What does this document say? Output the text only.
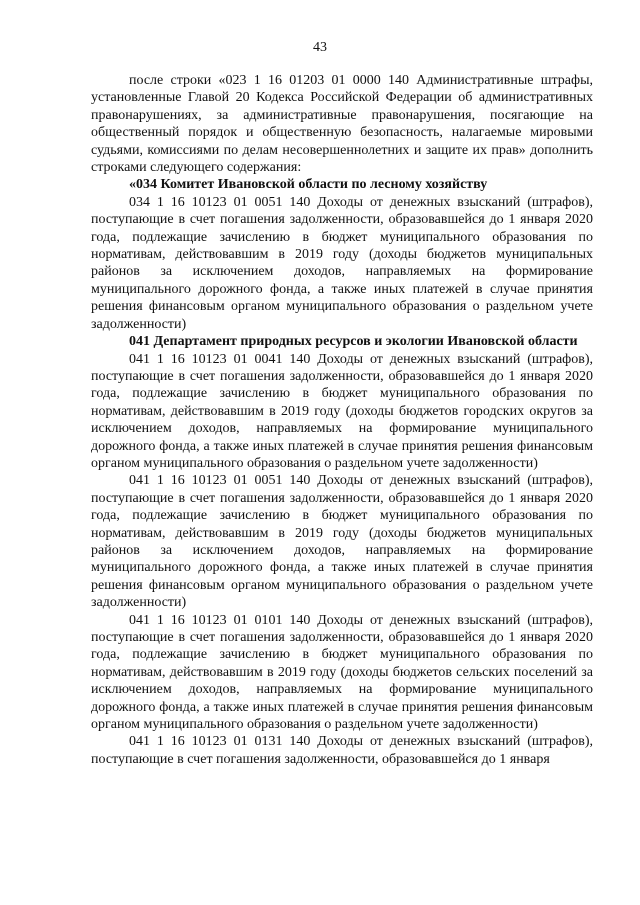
43

после строки «023 1 16 01203 01 0000 140 Административные штрафы, установленные Главой 20 Кодекса Российской Федерации об административных правонарушениях, за административные правонарушения, посягающие на общественный порядок и общественную безопасность, налагаемые мировыми судьями, комиссиями по делам несовершеннолетних и защите их прав» дополнить строками следующего содержания:

«034 Комитет Ивановской области по лесному хозяйству

034 1 16 10123 01 0051 140 Доходы от денежных взысканий (штрафов), поступающие в счет погашения задолженности, образовавшейся до 1 января 2020 года, подлежащие зачислению в бюджет муниципального образования по нормативам, действовавшим в 2019 году (доходы бюджетов муниципальных районов за исключением доходов, направляемых на формирование муниципального дорожного фонда, а также иных платежей в случае принятия решения финансовым органом муниципального образования о раздельном учете задолженности)

041 Департамент природных ресурсов и экологии Ивановской области

041 1 16 10123 01 0041 140 Доходы от денежных взысканий (штрафов), поступающие в счет погашения задолженности, образовавшейся до 1 января 2020 года, подлежащие зачислению в бюджет муниципального образования по нормативам, действовавшим в 2019 году (доходы бюджетов городских округов за исключением доходов, направляемых на формирование муниципального дорожного фонда, а также иных платежей в случае принятия решения финансовым органом муниципального образования о раздельном учете задолженности)

041 1 16 10123 01 0051 140 Доходы от денежных взысканий (штрафов), поступающие в счет погашения задолженности, образовавшейся до 1 января 2020 года, подлежащие зачислению в бюджет муниципального образования по нормативам, действовавшим в 2019 году (доходы бюджетов муниципальных районов за исключением доходов, направляемых на формирование муниципального дорожного фонда, а также иных платежей в случае принятия решения финансовым органом муниципального образования о раздельном учете задолженности)

041 1 16 10123 01 0101 140 Доходы от денежных взысканий (штрафов), поступающие в счет погашения задолженности, образовавшейся до 1 января 2020 года, подлежащие зачислению в бюджет муниципального образования по нормативам, действовавшим в 2019 году (доходы бюджетов сельских поселений за исключением доходов, направляемых на формирование муниципального дорожного фонда, а также иных платежей в случае принятия решения финансовым органом муниципального образования о раздельном учете задолженности)

041 1 16 10123 01 0131 140 Доходы от денежных взысканий (штрафов), поступающие в счет погашения задолженности, образовавшейся до 1 января
